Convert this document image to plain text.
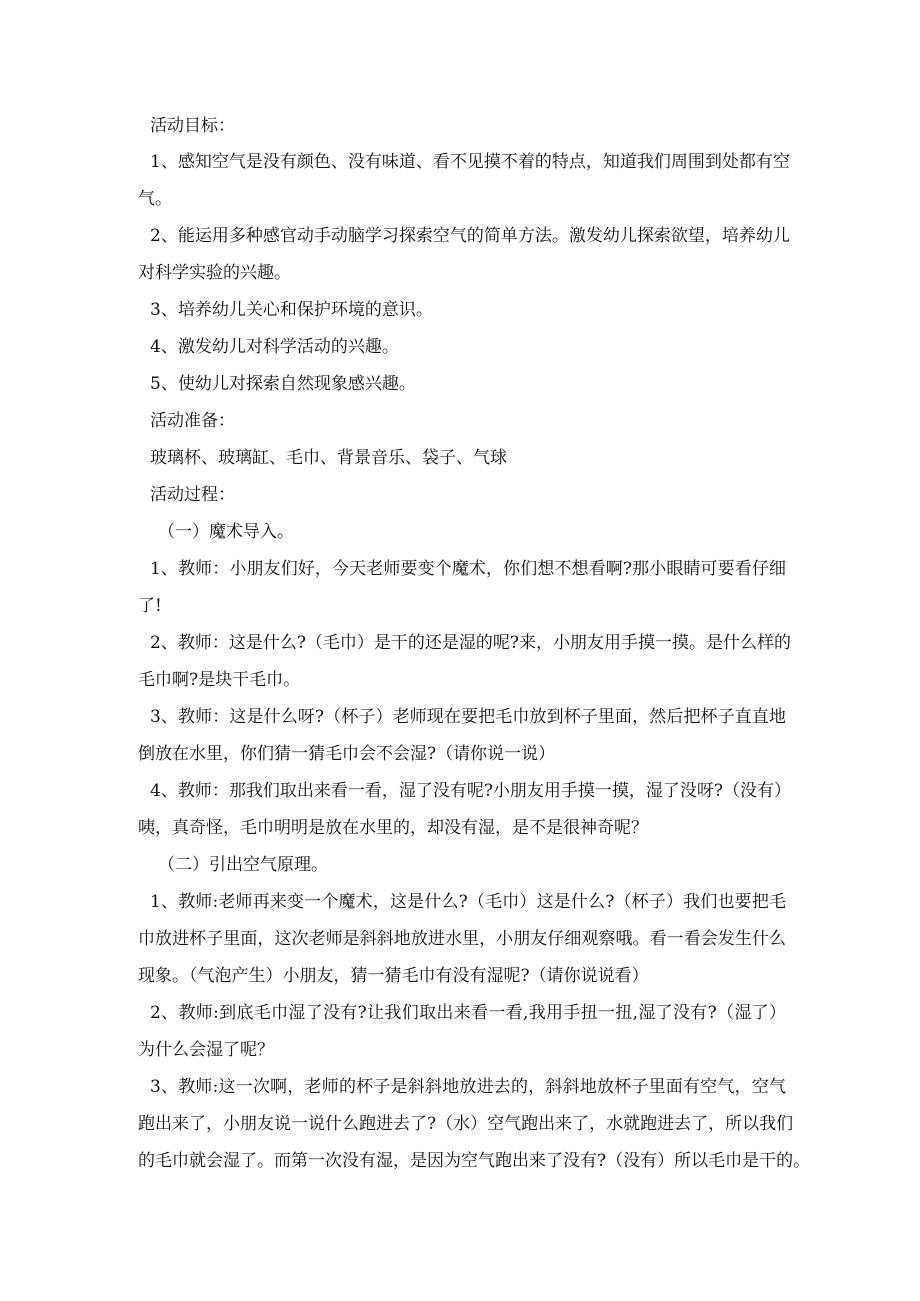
活动目标：
1、感知空气是没有颜色、没有味道、看不见摸不着的特点，知道我们周围到处都有空
气。
2、能运用多种感官动手动脑学习探索空气的简单方法。激发幼儿探索欲望，培养幼儿
对科学实验的兴趣。
3、培养幼儿关心和保护环境的意识。
4、激发幼儿对科学活动的兴趣。
5、使幼儿对探索自然现象感兴趣。
活动准备：
玻璃杯、玻璃缸、毛巾、背景音乐、袋子、气球
活动过程：
（一）魔术导入。
1、教师：小朋友们好，今天老师要变个魔术，你们想不想看啊?那小眼睛可要看仔细
了!
2、教师：这是什么?（毛巾）是干的还是湿的呢?来，小朋友用手摸一摸。是什么样的
毛巾啊?是块干毛巾。
3、教师：这是什么呀?（杯子）老师现在要把毛巾放到杯子里面，然后把杯子直直地
倒放在水里，你们猜一猜毛巾会不会湿?（请你说一说）
4、教师：那我们取出来看一看，湿了没有呢?小朋友用手摸一摸，湿了没呀?（没有）
咦，真奇怪，毛巾明明是放在水里的，却没有湿，是不是很神奇呢？
（二）引出空气原理。
1、教师:老师再来变一个魔术，这是什么?（毛巾）这是什么?（杯子）我们也要把毛
巾放进杯子里面，这次老师是斜斜地放进水里，小朋友仔细观察哦。看一看会发生什么
现象。（气泡产生）小朋友，猜一猜毛巾有没有湿呢?（请你说说看）
2、教师:到底毛巾湿了没有?让我们取出来看一看,我用手扭一扭,湿了没有?（湿了）
为什么会湿了呢？
3、教师:这一次啊，老师的杯子是斜斜地放进去的，斜斜地放杯子里面有空气，空气
跑出来了，小朋友说一说什么跑进去了?（水）空气跑出来了，水就跑进去了，所以我们
的毛巾就会湿了。而第一次没有湿，是因为空气跑出来了没有?（没有）所以毛巾是干的。
